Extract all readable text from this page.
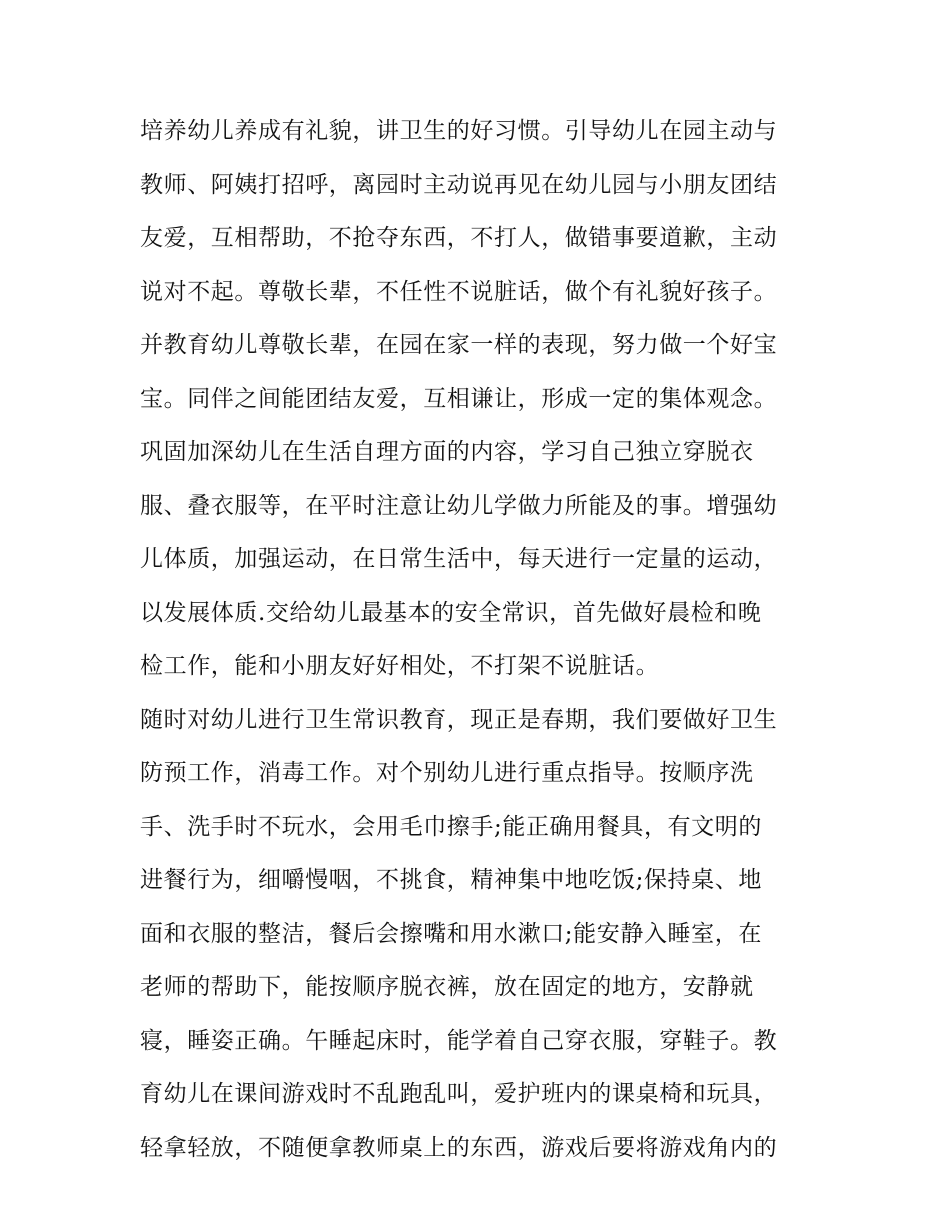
培养幼儿养成有礼貌，讲卫生的好习惯。引导幼儿在园主动与
教师、阿姨打招呼，离园时主动说再见在幼儿园与小朋友团结
友爱，互相帮助，不抢夺东西，不打人，做错事要道歉，主动
说对不起。尊敬长辈，不任性不说脏话，做个有礼貌好孩子。
并教育幼儿尊敬长辈，在园在家一样的表现，努力做一个好宝
宝。同伴之间能团结友爱，互相谦让，形成一定的集体观念。
巩固加深幼儿在生活自理方面的内容，学习自己独立穿脱衣
服、叠衣服等，在平时注意让幼儿学做力所能及的事。增强幼
儿体质，加强运动，在日常生活中，每天进行一定量的运动，
以发展体质.交给幼儿最基本的安全常识，首先做好晨检和晚
检工作，能和小朋友好好相处，不打架不说脏话。
随时对幼儿进行卫生常识教育，现正是春期，我们要做好卫生
防预工作，消毒工作。对个别幼儿进行重点指导。按顺序洗
手、洗手时不玩水，会用毛巾擦手;能正确用餐具，有文明的
进餐行为，细嚼慢咽，不挑食，精神集中地吃饭;保持桌、地
面和衣服的整洁，餐后会擦嘴和用水漱口;能安静入睡室，在
老师的帮助下，能按顺序脱衣裤，放在固定的地方，安静就
寝，睡姿正确。午睡起床时，能学着自己穿衣服，穿鞋子。教
育幼儿在课间游戏时不乱跑乱叫，爱护班内的课桌椅和玩具，
轻拿轻放，不随便拿教师桌上的东西，游戏后要将游戏角内的
